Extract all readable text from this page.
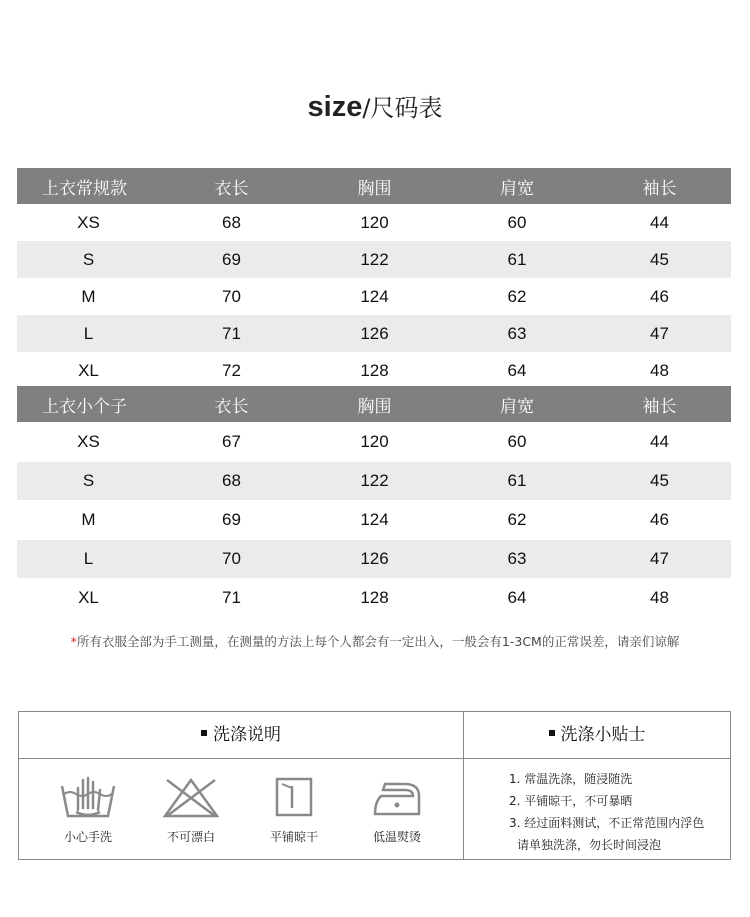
size/尺码表
上衣常规款	衣长	胸围	肩宽	袖长
XS	68	120	60	44
S	69	122	61	45
M	70	124	62	46
L	71	126	63	47
XL	72	128	64	48
上衣小个子	衣长	胸围	肩宽	袖长
XS	67	120	60	44
S	68	122	61	45
M	69	124	62	46
L	70	126	63	47
XL	71	128	64	48
*所有衣服全部为手工测量，在测量的方法上每个人都会有一定出入，一般会有1-3CM的正常误差，请亲们谅解
洗涤说明	洗涤小贴士
小心手洗	不可漂白	平铺晾干	低温熨烫
1. 常温洗涤，随浸随洗
2. 平铺晾干，不可暴晒
3. 经过面料测试，不正常范围内浮色
请单独洗涤，勿长时间浸泡
